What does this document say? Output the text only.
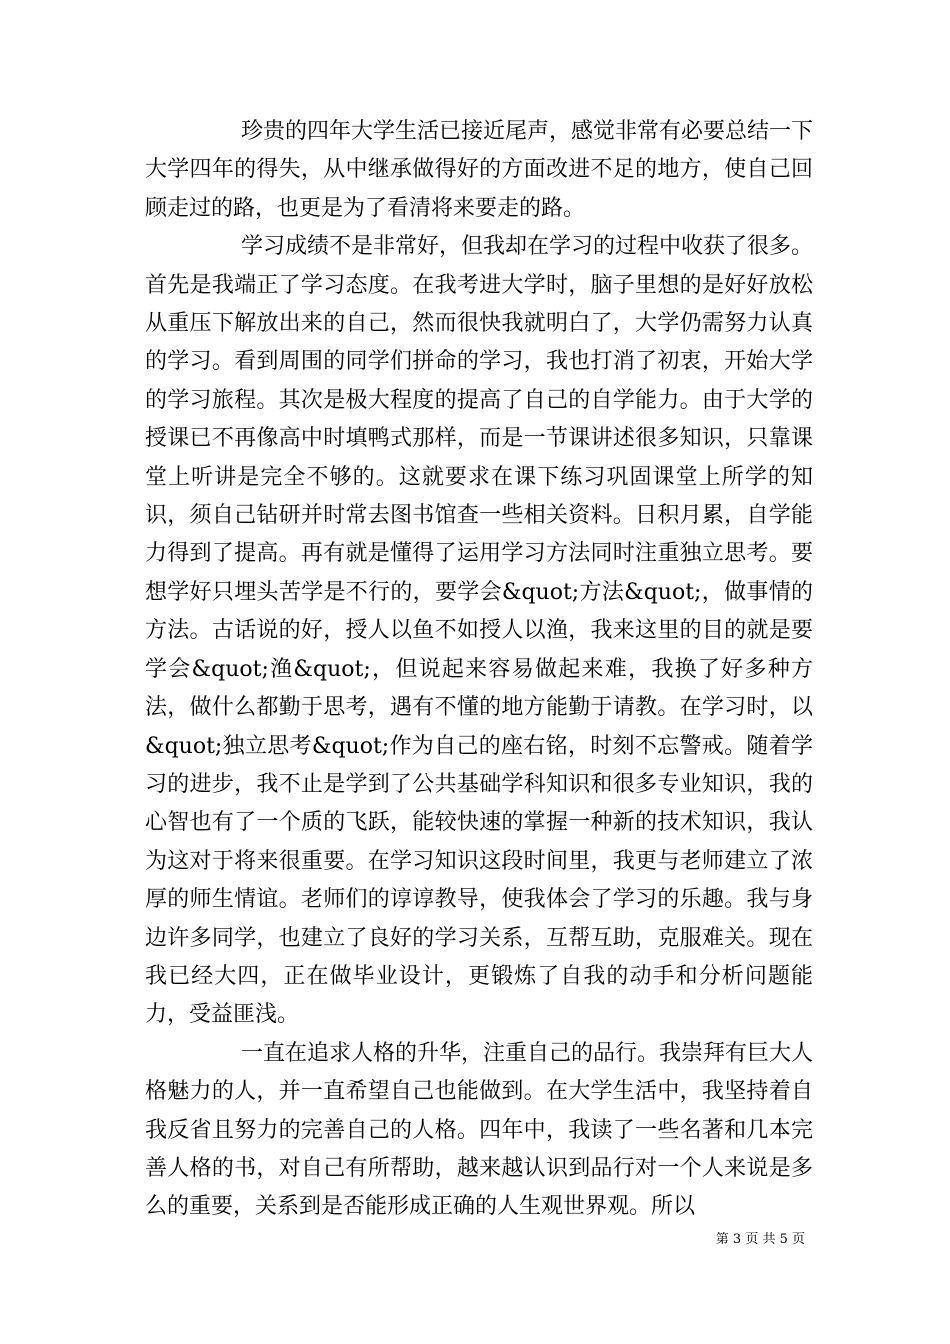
珍贵的四年大学生活已接近尾声，感觉非常有必要总结一下大学四年的得失，从中继承做得好的方面改进不足的地方，使自己回顾走过的路，也更是为了看清将来要走的路。

学习成绩不是非常好，但我却在学习的过程中收获了很多。首先是我端正了学习态度。在我考进大学时，脑子里想的是好好放松从重压下解放出来的自己，然而很快我就明白了，大学仍需努力认真的学习。看到周围的同学们拼命的学习，我也打消了初衷，开始大学的学习旅程。其次是极大程度的提高了自己的自学能力。由于大学的授课已不再像高中时填鸭式那样，而是一节课讲述很多知识，只靠课堂上听讲是完全不够的。这就要求在课下练习巩固课堂上所学的知识，须自己钻研并时常去图书馆查一些相关资料。日积月累，自学能力得到了提高。再有就是懂得了运用学习方法同时注重独立思考。要想学好只埋头苦学是不行的，要学会&quot;方法&quot;，做事情的方法。古话说的好，授人以鱼不如授人以渔，我来这里的目的就是要学会&quot;渔&quot;，但说起来容易做起来难，我换了好多种方法，做什么都勤于思考，遇有不懂的地方能勤于请教。在学习时，以&quot;独立思考&quot;作为自己的座右铭，时刻不忘警戒。随着学习的进步，我不止是学到了公共基础学科知识和很多专业知识，我的心智也有了一个质的飞跃，能较快速的掌握一种新的技术知识，我认为这对于将来很重要。在学习知识这段时间里，我更与老师建立了浓厚的师生情谊。老师们的谆谆教导，使我体会了学习的乐趣。我与身边许多同学，也建立了良好的学习关系，互帮互助，克服难关。现在我已经大四，正在做毕业设计，更锻炼了自我的动手和分析问题能力，受益匪浅。

一直在追求人格的升华，注重自己的品行。我崇拜有巨大人格魅力的人，并一直希望自己也能做到。在大学生活中，我坚持着自我反省且努力的完善自己的人格。四年中，我读了一些名著和几本完善人格的书，对自己有所帮助，越来越认识到品行对一个人来说是多么的重要，关系到是否能形成正确的人生观世界观。所以

第 3 页 共 5 页
